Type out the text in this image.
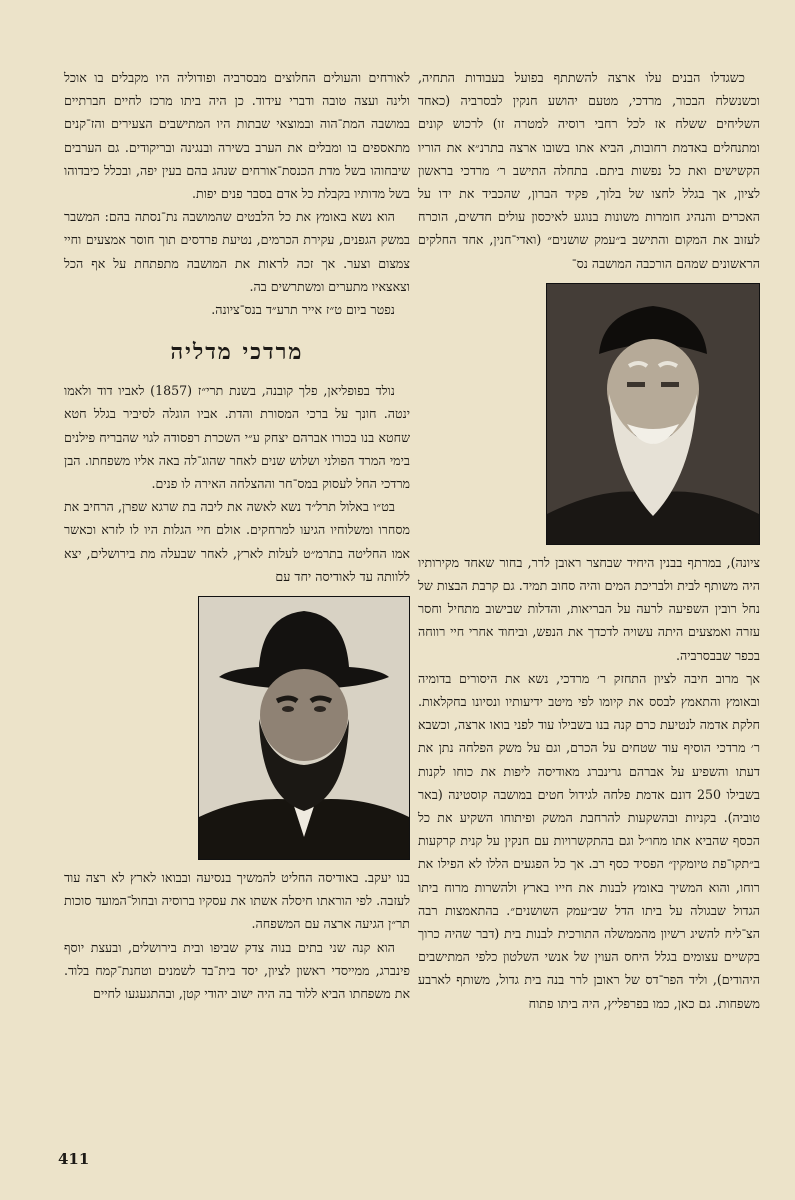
כשגדלו הבנים עלו ארצה להשתתף בפועל בעבודות התחיה, וכשנשלח הבכור, מרדכי, מטעם יהושע חנקין לבסרביה (כאחד השליחים ששלח אז לכל רחבי רוסיה למטרה זו) לרכוש קונים ומתנחלים באדמת רחובות, הביא אתו בשובו ארצה בתרנ״א את הוריו הקשישים ואת כל נפשות ביתם. בתחלה התישב ר׳ מרדכי בראשון לציון, אך בגלל לחצו של בלוך, פקיד הברון, שהכביד את ידו על האכרים והנהיג חומרות משונות בנוגע לאיכסון עולים חדשים, הוכרח לעזוב את המקום והתישב ב״עמק שושנים״ (ואדי־חנין, אחד החלקים הראשונים שמהם הורכבה המושבה נס־

ציונה), במרתף בבנין היחיד שבחצר ראובן לרר, בחור שאחד מקירותיו היה משותף לבית ולבריכת המים והיה סחוב תמיד. גם קרבת הבצות של נחל רובין השפיעה לרעה על הבריאות, והדלות שבישוב מתחיל וחסר עזרה ואמצעים היתה עשויה לדכדך את הנפש, וביחוד אחרי חיי רווחה בכפר שבבסרביה.

אך מרוב חיבה לציון התחזק ר׳ מרדכי, נשא את היסורים בדומיה ובאומץ והתאמץ לבסס את קיומו לפי מיטב ידיעותיו ונסיונו בחקלאות. חלקת אדמה לנטיעת כרם קנה בנו בשבילו עוד לפני בואו ארצה, וכשבא ר׳ מרדכי הוסיף עוד שטחים על הכרם, וגם על משק הפלחה נתן את דעתו והשפיע על אברהם גרינברג מאודיסה ליפות את כוחו לקנות בשבילו 250 דונם אדמת פלחה לגידול חטים במושבה קוסטינה (באר טוביה). בקניות ובהשקעות להרחבת המשק ופיתוחו השקיע את כל הכסף שהביא אתו מחו״ל וגם בהתקשרויות עם חנקין על קנית קרקעות ב״תקו־פת טיומקין״ הפסיד כסף רב. אך כל הפגעים הללו לא הפילו את רוחו, והוא המשיך באומץ לבנות את חייו בארץ ולהשרות מרוח ביתו הגדול שבגולה על ביתו הדל שב״עמק השושנים״. בהתאמצות רבה הצ־ליח להשיג רשיון מהממשלה התורכית לבנות בית (דבר שהיה כרוך בקשיים עצומים בגלל היחס העוין של אנשי השלטון כלפי המתישבים היהודים), וליד הפר־דס של ראובן לרר בנה בית גדול, משותף לארבע משפחות. גם כאן, כמו בפרפליץ, היה ביתו פתוח

לאורחים והעולים החלוצים מבסרביה ופודוליה היו מקבלים בו אוכל ולינה ועצה טובה ודברי עידוד. כן היה ביתו מרכז לחיים חברתיים במושבה המת־הוה ובמוצאי שבתות היו המתישבים הצעירים והז־קנים מתאספים בו ומבלים את הערב בשירה ובנגינה ובריקודים. גם הערבים שיבחוהו בשל מדת הכנסת־אורחים שנהג בהם בעין יפה, ובכלל כיבדוהו בשל מדותיו בקבלת כל אדם בסבר פנים יפות.

הוא נשא באומץ את כל הלבטים שהמושבה נת־נסתה בהם: המשבר במשק הגפנים, עקירת הכרמים, נטיעת פרדסים תוך חוסר אמצעים וחיי צמצום וצער. אך זכה לראות את המושבה מתפתחת על אף הכל וצאצאיו מתערים ומשתרשים בה.

נפטר ביום ט״ז אייר תרע״ד בנס־ציונה.

מרדכי מדליה

נולד בפופליאן, פלך קובנה, בשנת תרי״ז (1857) לאביו דוד ולאמו ינטה. חונך על ברכי המסורת והדת. אביו הוגלה לסיביר בגלל חטא שחטא בנו בכורו אברהם יצחק ע״י השכרת רפסודה לגוי שהבריח פילנים בימי המרד הפולני ושלוש שנים לאחר שהוג־לה באה אליו משפחתו. הבן מרדכי החל לעסוק במס־חר וההצלחה האירה לו פנים.

בט״ו באלול תרל״ד נשא לאשה את ליבה בת שרגא שפרן, הרחיב את מסחרו ומשלוחיו הגיעו למרחקים. אולם חיי הגלות היו לו לזרא וכאשר אמו החליטה בתרמ״ט לעלות לארץ, לאחר שבעלה מת בירושלים, יצא ללוותה עד לאודיסה יחד עם

בנו יעקב. באודיסה החליט להמשיך בנסיעה ובבואו לארץ לא רצה עוד לעזבה. לפי הוראתו חיסלה אשתו את עסקיו ברוסיה ובחול־המועד סוכות תר״ן הגיעה ארצה עם המשפחה.

הוא קנה שני בתים בנוה צדק שביפו ובית בירושלים, ובעצת יוסף פינברג, ממייסדי ראשון לציון, יסד בית־בד לשמנים וטחנת־קמח בלוד. את משפחתו הביא ללוד בה היה ישוב יהודי קטן, ובהתגעגעו לחיים

411
